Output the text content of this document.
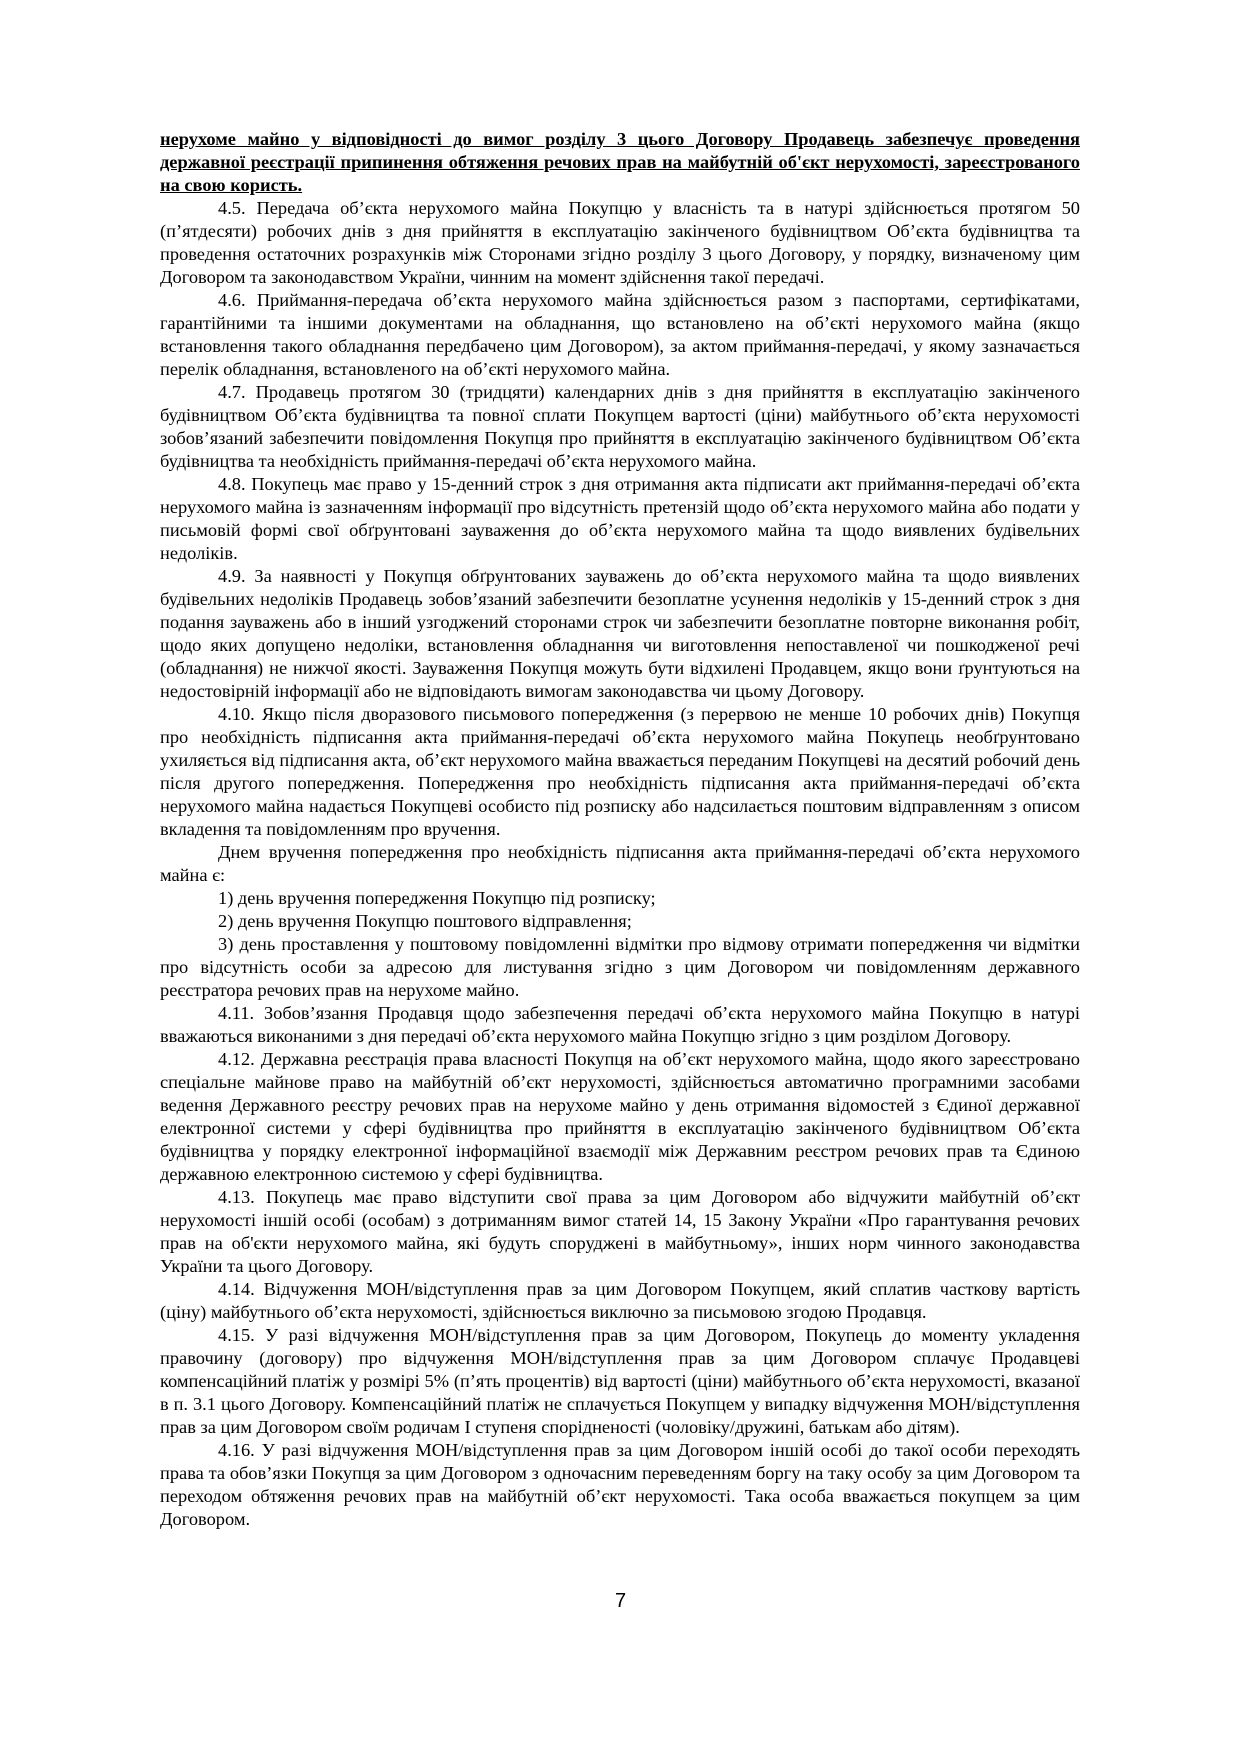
нерухоме майно у відповідності до вимог розділу 3 цього Договору Продавець забезпечує проведення державної реєстрації припинення обтяження речових прав на майбутній об'єкт нерухомості, зареєстрованого на свою користь.

4.5. Передача об’єкта нерухомого майна Покупцю у власність та в натурі здійснюється протягом 50 (п’ятдесяти) робочих днів з дня прийняття в експлуатацію закінченого будівництвом Об’єкта будівництва та проведення остаточних розрахунків між Сторонами згідно розділу 3 цього Договору, у порядку, визначеному цим Договором та законодавством України, чинним на момент здійснення такої передачі.

4.6. Приймання-передача об’єкта нерухомого майна здійснюється разом з паспортами, сертифікатами, гарантійними та іншими документами на обладнання, що встановлено на об’єкті нерухомого майна (якщо встановлення такого обладнання передбачено цим Договором), за актом приймання-передачі, у якому зазначається перелік обладнання, встановленого на об’єкті нерухомого майна.

4.7. Продавець протягом 30 (тридцяти) календарних днів з дня прийняття в експлуатацію закінченого будівництвом Об’єкта будівництва та повної сплати Покупцем вартості (ціни) майбутнього об’єкта нерухомості зобов’язаний забезпечити повідомлення Покупця про прийняття в експлуатацію закінченого будівництвом Об’єкта будівництва та необхідність приймання-передачі об’єкта нерухомого майна.

4.8. Покупець має право у 15-денний строк з дня отримання акта підписати акт приймання-передачі об’єкта нерухомого майна із зазначенням інформації про відсутність претензій щодо об’єкта нерухомого майна або подати у письмовій формі свої обґрунтовані зауваження до об’єкта нерухомого майна та щодо виявлених будівельних недоліків.

4.9. За наявності у Покупця обґрунтованих зауважень до об’єкта нерухомого майна та щодо виявлених будівельних недоліків Продавець зобов’язаний забезпечити безоплатне усунення недоліків у 15-денний строк з дня подання зауважень або в інший узгоджений сторонами строк чи забезпечити безоплатне повторне виконання робіт, щодо яких допущено недоліки, встановлення обладнання чи виготовлення непоставленої чи пошкодженої речі (обладнання) не нижчої якості. Зауваження Покупця можуть бути відхилені Продавцем, якщо вони ґрунтуються на недостовірній інформації або не відповідають вимогам законодавства чи цьому Договору.

4.10. Якщо після дворазового письмового попередження (з перервою не менше 10 робочих днів) Покупця про необхідність підписання акта приймання-передачі об’єкта нерухомого майна Покупець необґрунтовано ухиляється від підписання акта, об’єкт нерухомого майна вважається переданим Покупцеві на десятий робочий день після другого попередження. Попередження про необхідність підписання акта приймання-передачі об’єкта нерухомого майна надається Покупцеві особисто під розписку або надсилається поштовим відправленням з описом вкладення та повідомленням про вручення.

Днем вручення попередження про необхідність підписання акта приймання-передачі об’єкта нерухомого майна є:

1) день вручення попередження Покупцю під розписку;

2) день вручення Покупцю поштового відправлення;

3) день проставлення у поштовому повідомленні відмітки про відмову отримати попередження чи відмітки про відсутність особи за адресою для листування згідно з цим Договором чи повідомленням державного реєстратора речових прав на нерухоме майно.

4.11. Зобов’язання Продавця щодо забезпечення передачі об’єкта нерухомого майна Покупцю в натурі вважаються виконаними з дня передачі об’єкта нерухомого майна Покупцю згідно з цим розділом Договору.

4.12. Державна реєстрація права власності Покупця на об’єкт нерухомого майна, щодо якого зареєстровано спеціальне майнове право на майбутній об’єкт нерухомості, здійснюється автоматично програмними засобами ведення Державного реєстру речових прав на нерухоме майно у день отримання відомостей з Єдиної державної електронної системи у сфері будівництва про прийняття в експлуатацію закінченого будівництвом Об’єкта будівництва у порядку електронної інформаційної взаємодії між Державним реєстром речових прав та Єдиною державною електронною системою у сфері будівництва.

4.13. Покупець має право відступити свої права за цим Договором або відчужити майбутній об’єкт нерухомості іншій особі (особам) з дотриманням вимог статей 14, 15 Закону України «Про гарантування речових прав на об'єкти нерухомого майна, які будуть споруджені в майбутньому», інших норм чинного законодавства України та цього Договору.

4.14. Відчуження МОН/відступлення прав за цим Договором Покупцем, який сплатив часткову вартість (ціну) майбутнього об’єкта нерухомості, здійснюється виключно за письмовою згодою Продавця.

4.15. У разі відчуження МОН/відступлення прав за цим Договором, Покупець до моменту укладення правочину (договору) про відчуження МОН/відступлення прав за цим Договором сплачує Продавцеві компенсаційний платіж у розмірі 5% (п’ять процентів) від вартості (ціни) майбутнього об’єкта нерухомості, вказаної в п. 3.1 цього Договору. Компенсаційний платіж не сплачується Покупцем у випадку відчуження МОН/відступлення прав за цим Договором своїм родичам І ступеня спорідненості (чоловіку/дружині, батькам або дітям).

4.16. У разі відчуження МОН/відступлення прав за цим Договором іншій особі до такої особи переходять права та обов’язки Покупця за цим Договором з одночасним переведенням боргу на таку особу за цим Договором та переходом обтяження речових прав на майбутній об’єкт нерухомості. Така особа вважається покупцем за цим Договором.

7
